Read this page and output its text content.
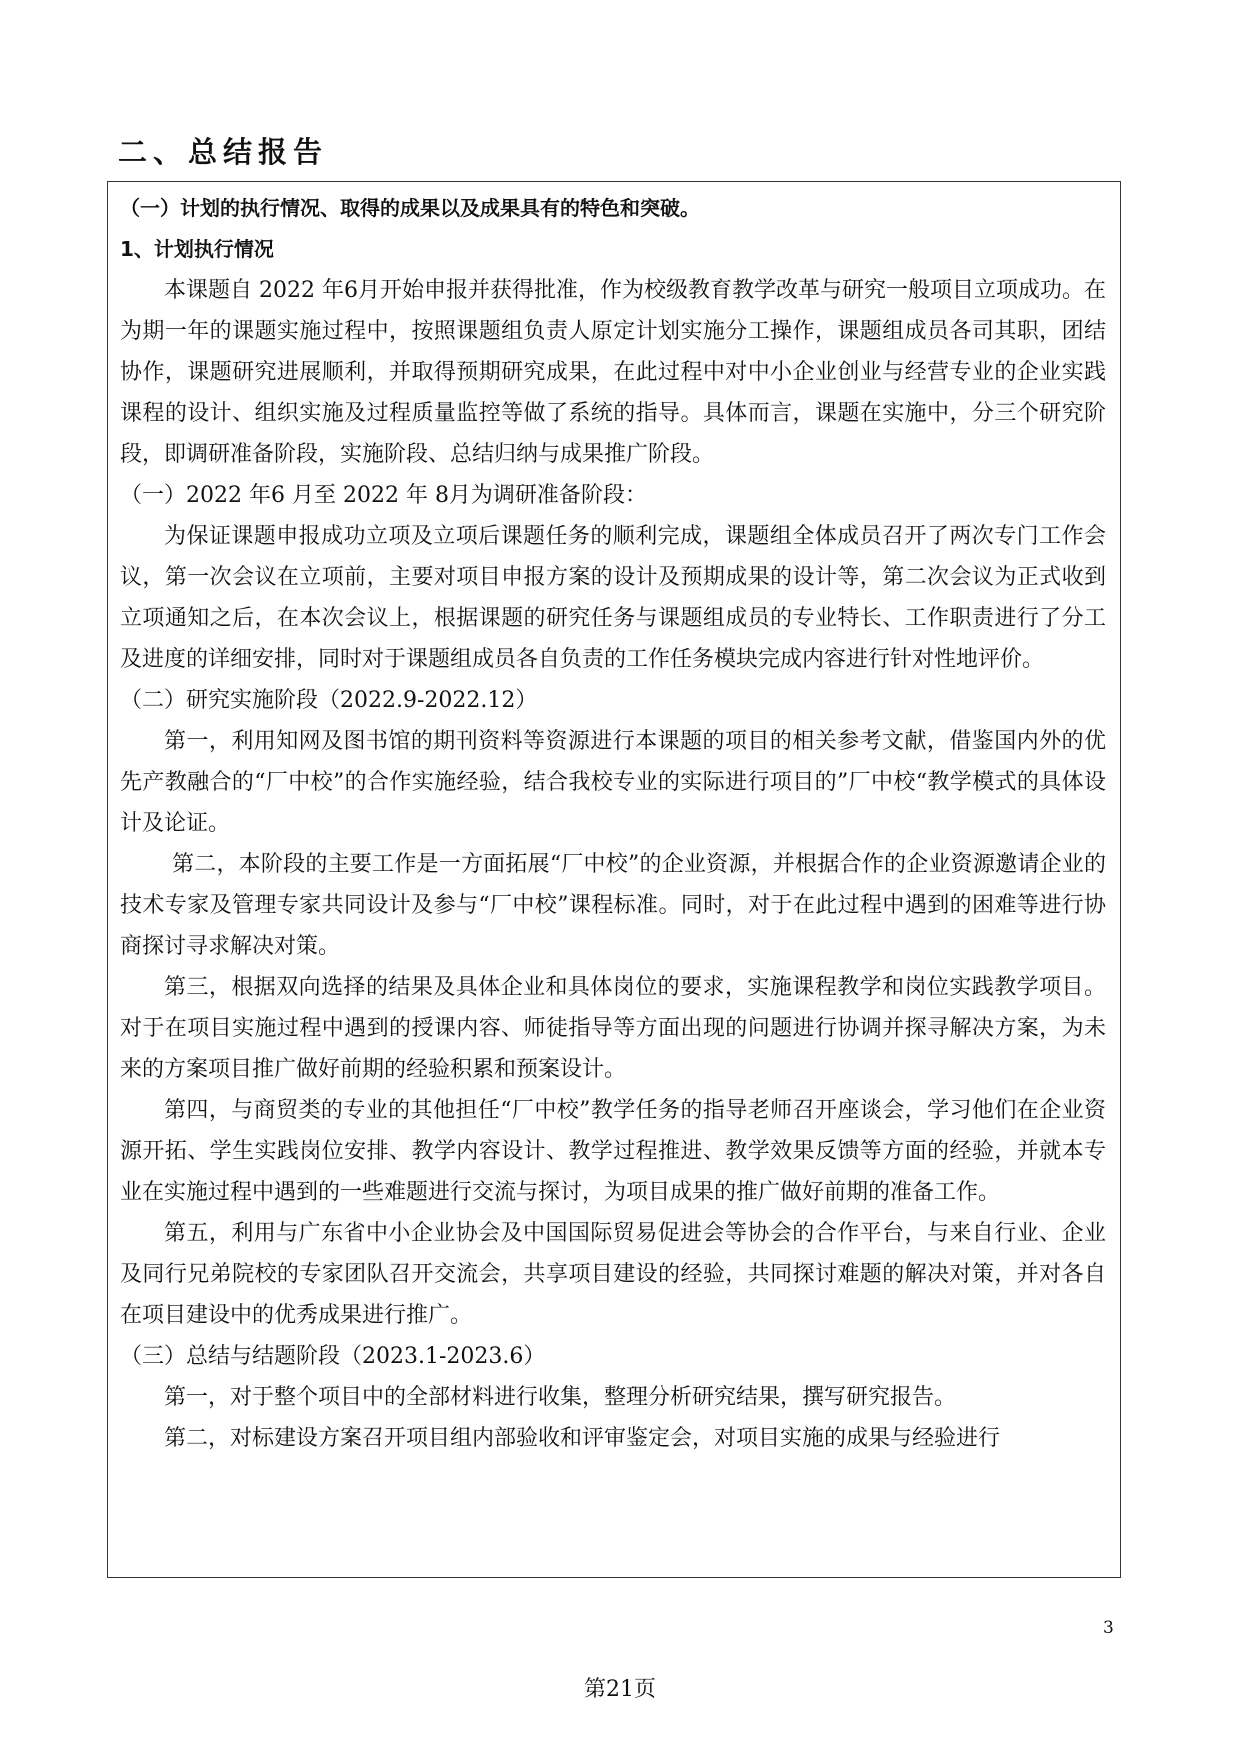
二、总结报告

（一）计划的执行情况、取得的成果以及成果具有的特色和突破。

1、计划执行情况

本课题自 2022 年6月开始申报并获得批准，作为校级教育教学改革与研究一般项目立项成功。在为期一年的课题实施过程中，按照课题组负责人原定计划实施分工操作，课题组成员各司其职，团结协作，课题研究进展顺利，并取得预期研究成果，在此过程中对中小企业创业与经营专业的企业实践课程的设计、组织实施及过程质量监控等做了系统的指导。具体而言，课题在实施中，分三个研究阶段，即调研准备阶段，实施阶段、总结归纳与成果推广阶段。

（一）2022 年6 月至 2022 年 8月为调研准备阶段：

为保证课题申报成功立项及立项后课题任务的顺利完成，课题组全体成员召开了两次专门工作会议，第一次会议在立项前，主要对项目申报方案的设计及预期成果的设计等，第二次会议为正式收到立项通知之后，在本次会议上，根据课题的研究任务与课题组成员的专业特长、工作职责进行了分工及进度的详细安排，同时对于课题组成员各自负责的工作任务模块完成内容进行针对性地评价。

（二）研究实施阶段（2022.9-2022.12）

第一，利用知网及图书馆的期刊资料等资源进行本课题的项目的相关参考文献，借鉴国内外的优先产教融合的“厂中校”的合作实施经验，结合我校专业的实际进行项目的”厂中校“教学模式的具体设计及论证。

第二，本阶段的主要工作是一方面拓展“厂中校”的企业资源，并根据合作的企业资源邀请企业的技术专家及管理专家共同设计及参与“厂中校”课程标准。同时，对于在此过程中遇到的困难等进行协商探讨寻求解决对策。

第三，根据双向选择的结果及具体企业和具体岗位的要求，实施课程教学和岗位实践教学项目。对于在项目实施过程中遇到的授课内容、师徒指导等方面出现的问题进行协调并探寻解决方案，为未来的方案项目推广做好前期的经验积累和预案设计。

第四，与商贸类的专业的其他担任“厂中校”教学任务的指导老师召开座谈会，学习他们在企业资源开拓、学生实践岗位安排、教学内容设计、教学过程推进、教学效果反馈等方面的经验，并就本专业在实施过程中遇到的一些难题进行交流与探讨，为项目成果的推广做好前期的准备工作。

第五，利用与广东省中小企业协会及中国国际贸易促进会等协会的合作平台，与来自行业、企业及同行兄弟院校的专家团队召开交流会，共享项目建设的经验，共同探讨难题的解决对策，并对各自在项目建设中的优秀成果进行推广。

（三）总结与结题阶段（2023.1-2023.6）

第一，对于整个项目中的全部材料进行收集，整理分析研究结果，撰写研究报告。

第二，对标建设方案召开项目组内部验收和评审鉴定会，对项目实施的成果与经验进行

3
第21页
